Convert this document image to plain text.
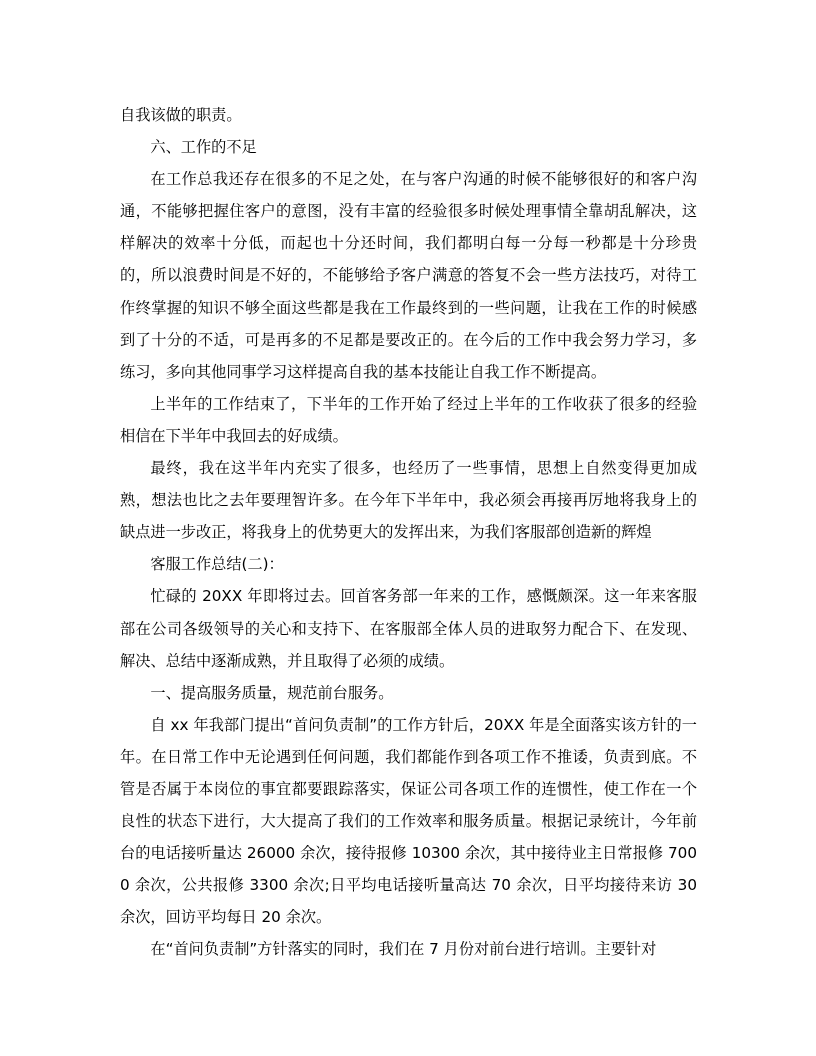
自我该做的职责。

六、工作的不足

在工作总我还存在很多的不足之处，在与客户沟通的时候不能够很好的和客户沟通，不能够把握住客户的意图，没有丰富的经验很多时候处理事情全靠胡乱解决，这样解决的效率十分低，而起也十分还时间，我们都明白每一分每一秒都是十分珍贵的，所以浪费时间是不好的，不能够给予客户满意的答复不会一些方法技巧，对待工作终掌握的知识不够全面这些都是我在工作最终到的一些问题，让我在工作的时候感到了十分的不适，可是再多的不足都是要改正的。在今后的工作中我会努力学习，多练习，多向其他同事学习这样提高自我的基本技能让自我工作不断提高。

上半年的工作结束了，下半年的工作开始了经过上半年的工作收获了很多的经验相信在下半年中我回去的好成绩。

最终，我在这半年内充实了很多，也经历了一些事情，思想上自然变得更加成熟，想法也比之去年要理智许多。在今年下半年中，我必须会再接再厉地将我身上的缺点进一步改正，将我身上的优势更大的发挥出来，为我们客服部创造新的辉煌

客服工作总结(二)：

忙碌的 20XX 年即将过去。回首客务部一年来的工作，感慨颇深。这一年来客服部在公司各级领导的关心和支持下、在客服部全体人员的进取努力配合下、在发现、解决、总结中逐渐成熟，并且取得了必须的成绩。

一、提高服务质量，规范前台服务。

自 xx 年我部门提出“首问负责制”的工作方针后，20XX 年是全面落实该方针的一年。在日常工作中无论遇到任何问题，我们都能作到各项工作不推诿，负责到底。不管是否属于本岗位的事宜都要跟踪落实，保证公司各项工作的连惯性，使工作在一个良性的状态下进行，大大提高了我们的工作效率和服务质量。根据记录统计，今年前台的电话接听量达 26000 余次，接待报修 10300 余次，其中接待业主日常报修 7000 余次，公共报修 3300 余次;日平均电话接听量高达 70 余次，日平均接待来访 30 余次，回访平均每日 20 余次。

在“首问负责制”方针落实的同时，我们在 7 月份对前台进行培训。主要针对
